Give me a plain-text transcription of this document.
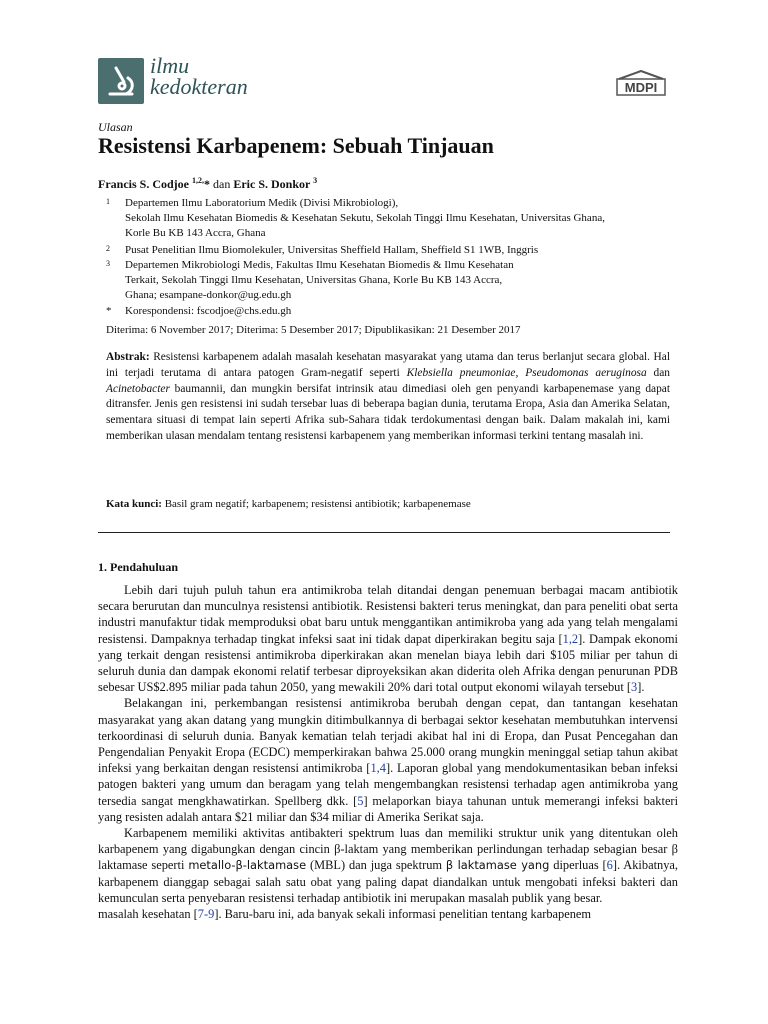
ilmu
kedokteran	MDPI
Ulasan
Resistensi Karbapenem: Sebuah Tinjauan
Francis S. Codjoe $^{1,2,}$* dan Eric S. Donkor $^3$
1 Departemen Ilmu Laboratorium Medik (Divisi Mikrobiologi),
Sekolah Ilmu Kesehatan Biomedis & Kesehatan Sekutu, Sekolah Tinggi Ilmu Kesehatan, Universitas Ghana,
Korle Bu KB 143 Accra, Ghana
2 Pusat Penelitian Ilmu Biomolekuler, Universitas Sheffield Hallam, Sheffield S1 1WB, Inggris
3 Departemen Mikrobiologi Medis, Fakultas Ilmu Kesehatan Biomedis & Ilmu Kesehatan
Terkait, Sekolah Tinggi Ilmu Kesehatan, Universitas Ghana, Korle Bu KB 143 Accra,
Ghana; esampane-donkor@ug.edu.gh
* Korespondensi: fscodjoe@chs.edu.gh
Diterima: 6 November 2017; Diterima: 5 Desember 2017; Dipublikasikan: 21 Desember 2017
Abstrak: Resistensi karbapenem adalah masalah kesehatan masyarakat yang utama dan terus berlanjut secara global. Hal ini terjadi terutama di antara patogen Gram-negatif seperti Klebsiella pneumoniae, Pseudomonas aeruginosa dan Acinetobacter baumannii, dan mungkin bersifat intrinsik atau dimediasi oleh gen penyandi karbapenemase yang dapat ditransfer. Jenis gen resistensi ini sudah tersebar luas di beberapa bagian dunia, terutama Eropa, Asia dan Amerika Selatan, sementara situasi di tempat lain seperti Afrika sub-Sahara tidak terdokumentasi dengan baik. Dalam makalah ini, kami memberikan ulasan mendalam tentang resistensi karbapenem yang memberikan informasi terkini tentang masalah ini.
Kata kunci: Basil gram negatif; karbapenem; resistensi antibiotik; karbapenemase
1. Pendahuluan

Lebih dari tujuh puluh tahun era antimikroba telah ditandai dengan penemuan berbagai macam antibiotik secara berurutan dan munculnya resistensi antibiotik. Resistensi bakteri terus meningkat, dan para peneliti obat serta industri manufaktur tidak memproduksi obat baru untuk menggantikan antimikroba yang ada yang telah mengalami resistensi. Dampaknya terhadap tingkat infeksi saat ini tidak dapat diperkirakan begitu saja [1,2]. Dampak ekonomi yang terkait dengan resistensi antimikroba diperkirakan akan menelan biaya lebih dari $105 miliar per tahun di seluruh dunia dan dampak ekonomi relatif terbesar diproyeksikan akan diderita oleh Afrika dengan penurunan PDB sebesar US$2.895 miliar pada tahun 2050, yang mewakili 20% dari total output ekonomi wilayah tersebut [3].

Belakangan ini, perkembangan resistensi antimikroba berubah dengan cepat, dan tantangan kesehatan masyarakat yang akan datang yang mungkin ditimbulkannya di berbagai sektor kesehatan membutuhkan intervensi terkoordinasi di seluruh dunia. Banyak kematian telah terjadi akibat hal ini di Eropa, dan Pusat Pencegahan dan Pengendalian Penyakit Eropa (ECDC) memperkirakan bahwa 25.000 orang mungkin meninggal setiap tahun akibat infeksi yang berkaitan dengan resistensi antimikroba [1,4]. Laporan global yang mendokumentasikan beban infeksi patogen bakteri yang umum dan beragam yang telah mengembangkan resistensi terhadap agen antimikroba yang tersedia sangat mengkhawatirkan. Spellberg dkk. [5] melaporkan biaya tahunan untuk memerangi infeksi bakteri yang resisten adalah antara $21 miliar dan $34 miliar di Amerika Serikat saja.

Karbapenem memiliki aktivitas antibakteri spektrum luas dan memiliki struktur unik yang ditentukan oleh karbapenem yang digabungkan dengan cincin β-laktam yang memberikan perlindungan terhadap sebagian besar β laktamase seperti metallo-β-laktamase (MBL) dan juga spektrum β laktamase yang diperluas [6]. Akibatnya, karbapenem dianggap sebagai salah satu obat yang paling dapat diandalkan untuk mengobati infeksi bakteri dan kemunculan serta penyebaran resistensi terhadap antibiotik ini merupakan masalah publik yang besar.

masalah kesehatan [7-9]. Baru-baru ini, ada banyak sekali informasi penelitian tentang karbapenem
